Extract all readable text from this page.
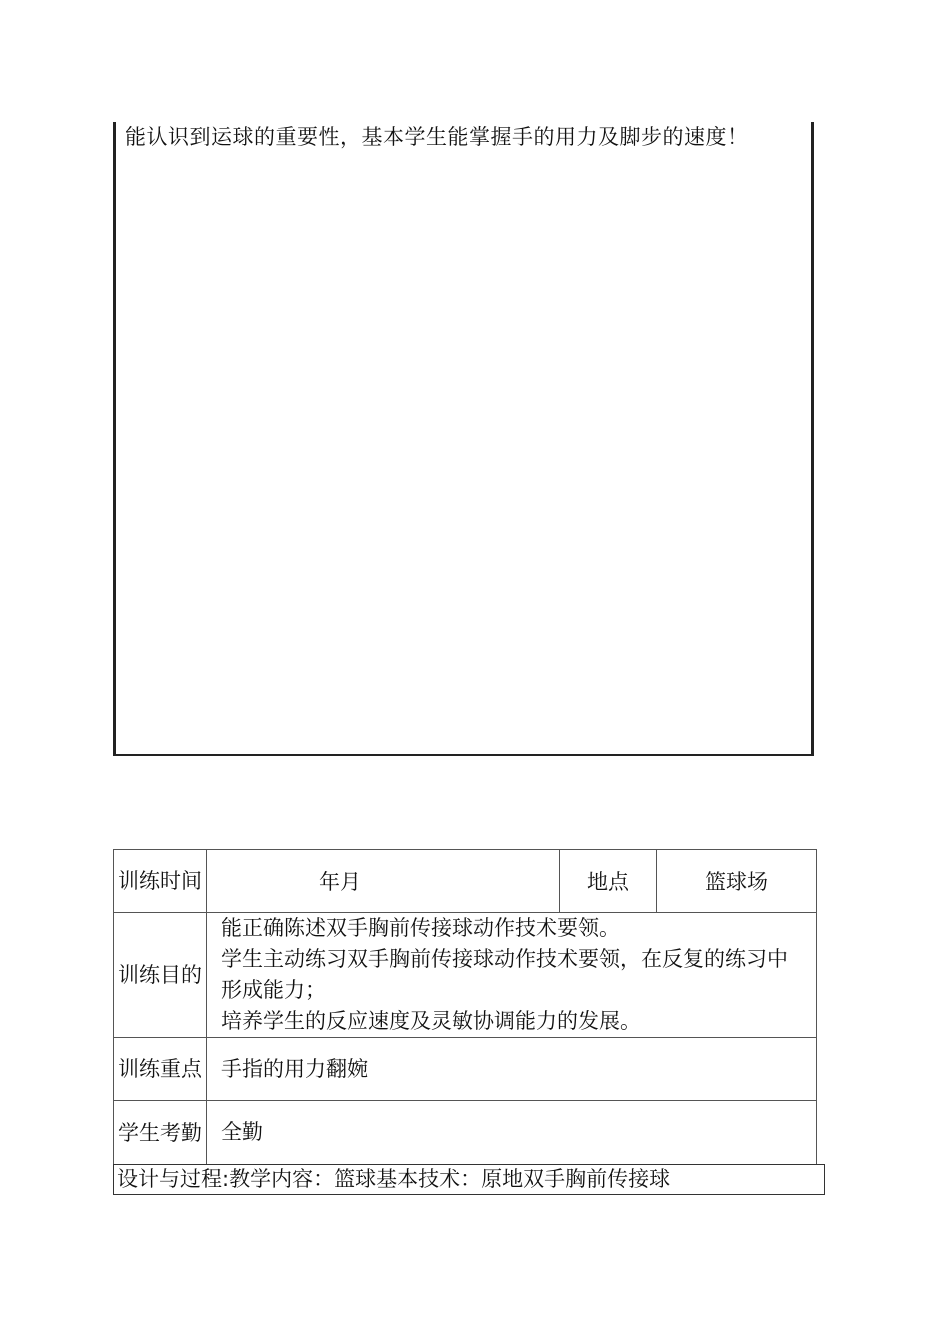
能认识到运球的重要性，基本学生能掌握手的用力及脚步的速度！
训练时间	年月	地点	篮球场
训练目的	能正确陈述双手胸前传接球动作技术要领。
学生主动练习双手胸前传接球动作技术要领，在反复的练习中形成能力；
培养学生的反应速度及灵敏协调能力的发展。		

训练重点	手指的用力翻婉		
学生考勤	全勤		
设计与过程:教学内容：篮球基本技术：原地双手胸前传接球
